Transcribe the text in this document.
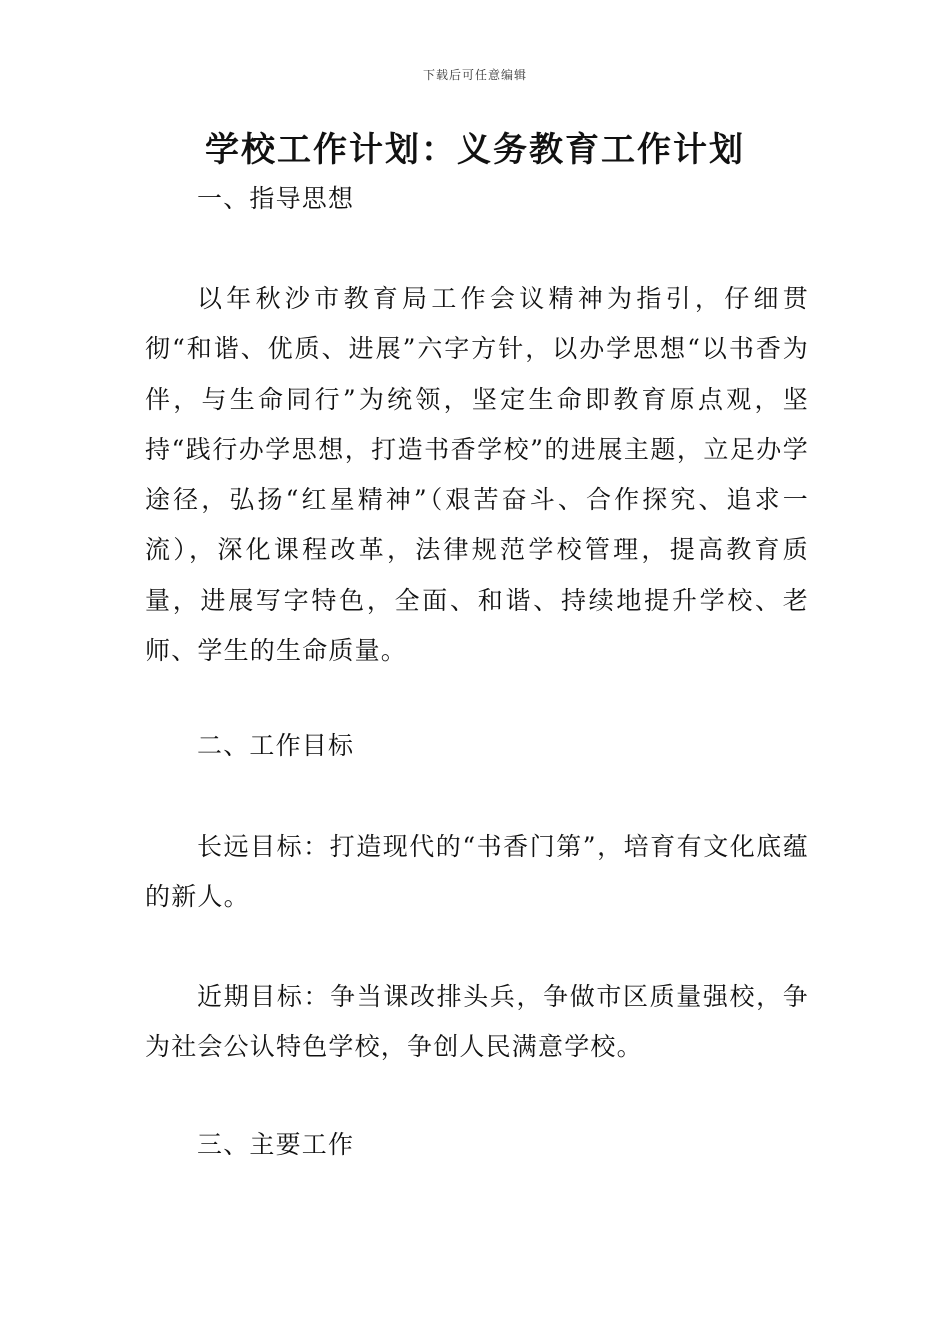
下载后可任意编辑
学校工作计划：义务教育工作计划

一、指导思想

以年秋沙市教育局工作会议精神为指引，仔细贯彻“和谐、优质、进展”六字方针，以办学思想“以书香为伴，与生命同行”为统领，坚定生命即教育原点观，坚持“践行办学思想，打造书香学校”的进展主题，立足办学途径，弘扬“红星精神”（艰苦奋斗、合作探究、追求一流），深化课程改革，法律规范学校管理，提高教育质量，进展写字特色，全面、和谐、持续地提升学校、老师、学生的生命质量。

二、工作目标

长远目标：打造现代的“书香门第”，培育有文化底蕴的新人。

近期目标：争当课改排头兵，争做市区质量强校，争为社会公认特色学校，争创人民满意学校。

三、主要工作
